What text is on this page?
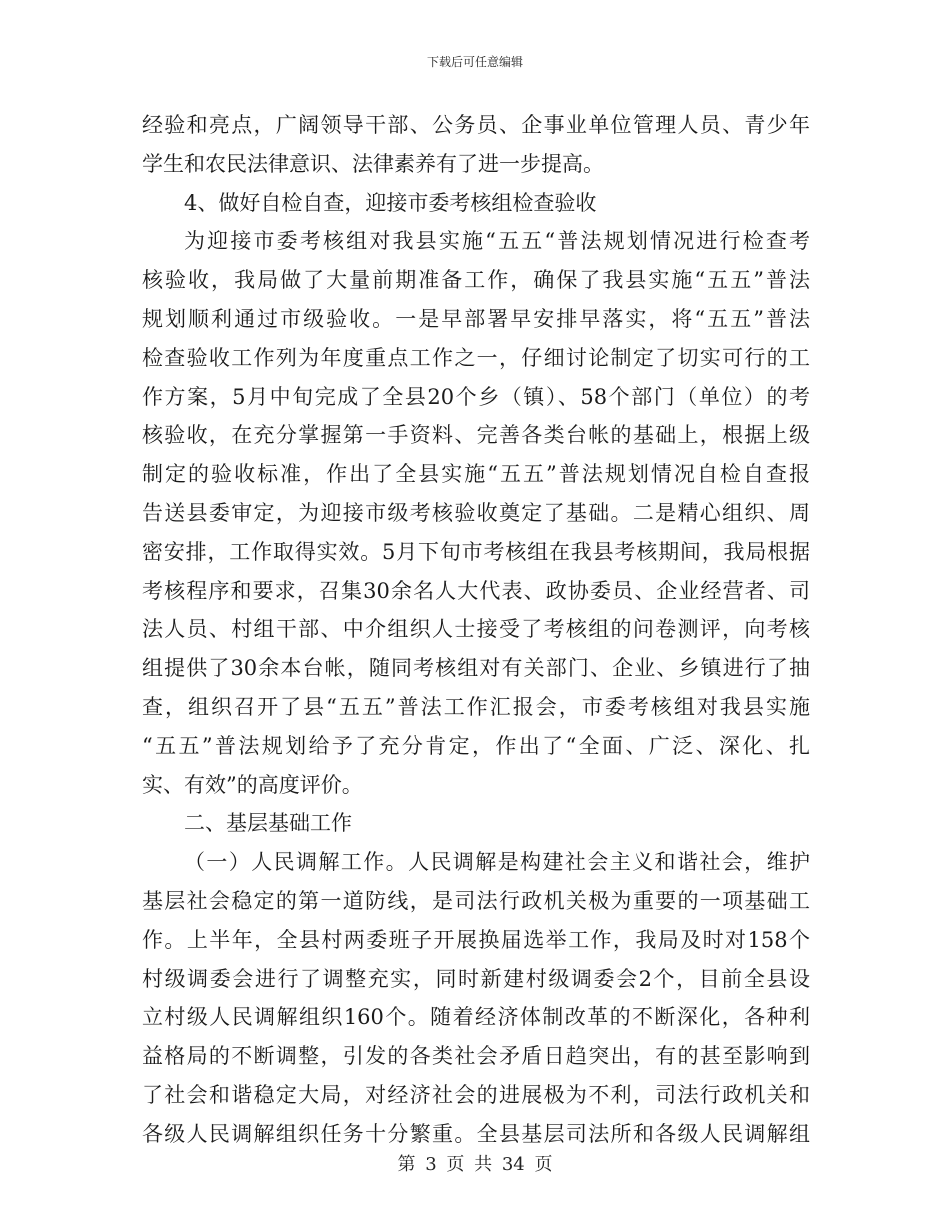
下载后可任意编辑
经验和亮点，广阔领导干部、公务员、企事业单位管理人员、青少年
学生和农民法律意识、法律素养有了进一步提高。
4、做好自检自查，迎接市委考核组检查验收
为迎接市委考核组对我县实施“五五“普法规划情况进行检查考
核验收，我局做了大量前期准备工作，确保了我县实施“五五”普法
规划顺利通过市级验收。一是早部署早安排早落实，将“五五”普法
检查验收工作列为年度重点工作之一，仔细讨论制定了切实可行的工
作方案，5月中旬完成了全县20个乡（镇）、58个部门（单位）的考
核验收，在充分掌握第一手资料、完善各类台帐的基础上，根据上级
制定的验收标准，作出了全县实施“五五”普法规划情况自检自查报
告送县委审定，为迎接市级考核验收奠定了基础。二是精心组织、周
密安排，工作取得实效。5月下旬市考核组在我县考核期间，我局根据
考核程序和要求，召集30余名人大代表、政协委员、企业经营者、司
法人员、村组干部、中介组织人士接受了考核组的问卷测评，向考核
组提供了30余本台帐，随同考核组对有关部门、企业、乡镇进行了抽
查，组织召开了县“五五”普法工作汇报会，市委考核组对我县实施
“五五”普法规划给予了充分肯定，作出了“全面、广泛、深化、扎
实、有效”的高度评价。
二、基层基础工作
（一）人民调解工作。人民调解是构建社会主义和谐社会，维护
基层社会稳定的第一道防线，是司法行政机关极为重要的一项基础工
作。上半年，全县村两委班子开展换届选举工作，我局及时对158个
村级调委会进行了调整充实，同时新建村级调委会2个，目前全县设
立村级人民调解组织160个。随着经济体制改革的不断深化，各种利
益格局的不断调整，引发的各类社会矛盾日趋突出，有的甚至影响到
了社会和谐稳定大局，对经济社会的进展极为不利，司法行政机关和
各级人民调解组织任务十分繁重。全县基层司法所和各级人民调解组
第 3 页 共 34 页
